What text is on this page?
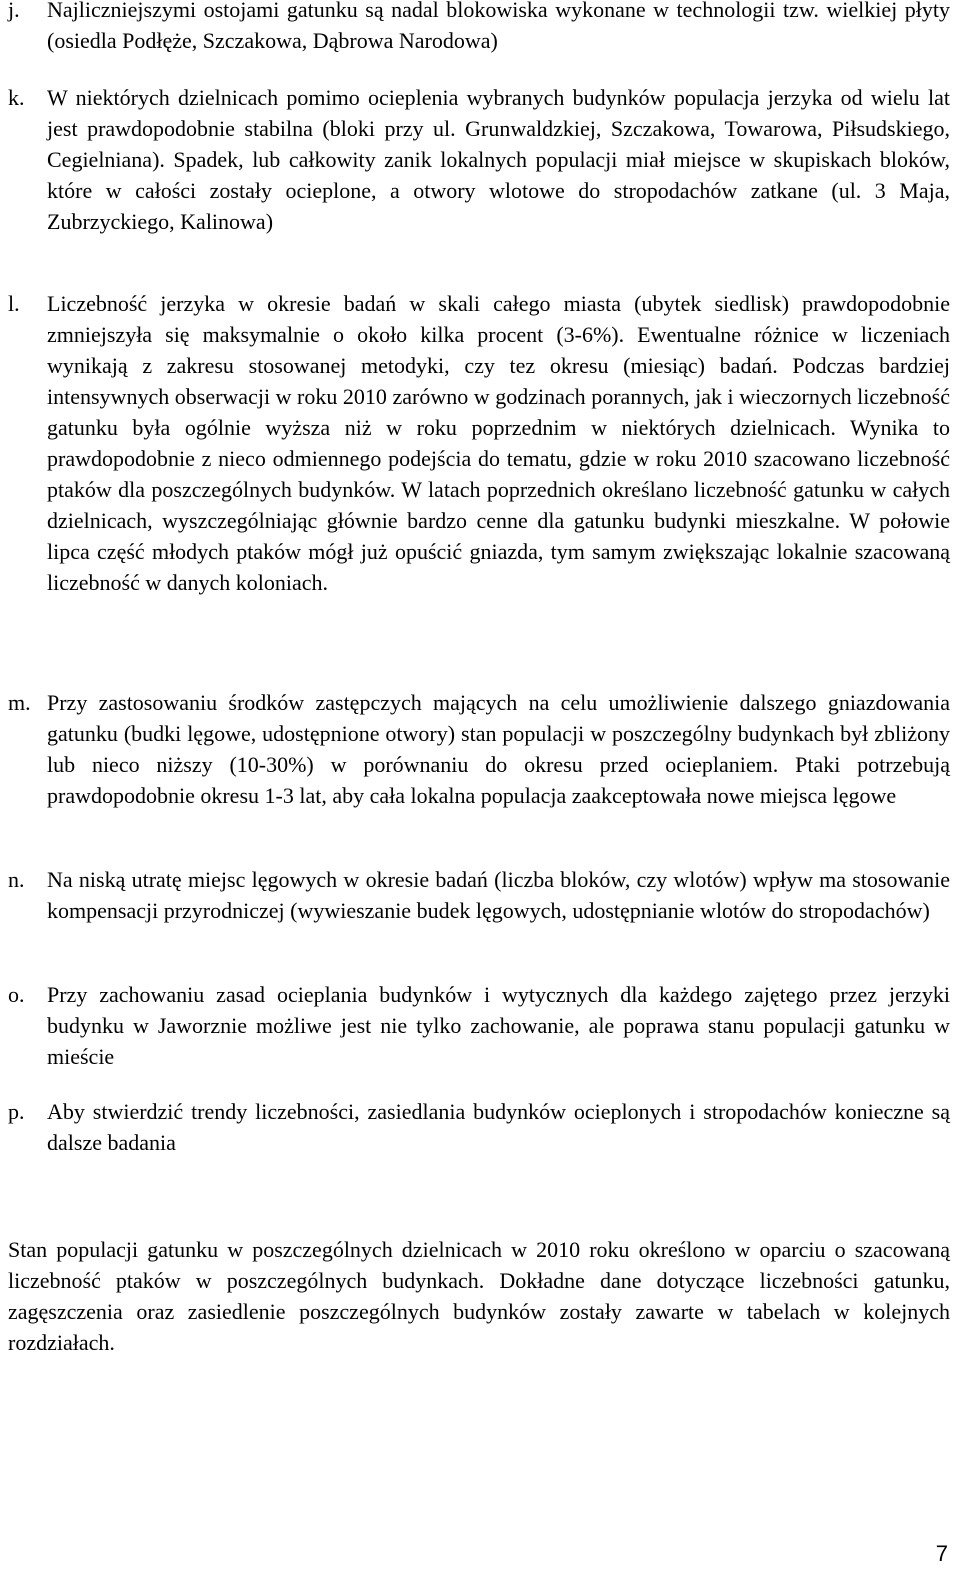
j. Najliczniejszymi ostojami gatunku są nadal blokowiska wykonane w technologii tzw. wielkiej płyty (osiedla Podłęże, Szczakowa, Dąbrowa Narodowa)

k. W niektórych dzielnicach pomimo ocieplenia wybranych budynków populacja jerzyka od wielu lat jest prawdopodobnie stabilna (bloki przy ul. Grunwaldzkiej, Szczakowa, Towarowa, Piłsudskiego, Cegielniana). Spadek, lub całkowity zanik lokalnych populacji miał miejsce w skupiskach bloków, które w całości zostały ocieplone, a otwory wlotowe do stropodachów zatkane (ul. 3 Maja, Zubrzyckiego, Kalinowa)

l. Liczebność jerzyka w okresie badań w skali całego miasta (ubytek siedlisk) prawdopodobnie zmniejszyła się maksymalnie o około kilka procent (3-6%). Ewentualne różnice w liczeniach wynikają z zakresu stosowanej metodyki, czy tez okresu (miesiąc) badań. Podczas bardziej intensywnych obserwacji w roku 2010 zarówno w godzinach porannych, jak i wieczornych liczebność gatunku była ogólnie wyższa niż w roku poprzednim w niektórych dzielnicach. Wynika to prawdopodobnie z nieco odmiennego podejścia do tematu, gdzie w roku 2010 szacowano liczebność ptaków dla poszczególnych budynków. W latach poprzednich określano liczebność gatunku w całych dzielnicach, wyszczególniając głównie bardzo cenne dla gatunku budynki mieszkalne. W połowie lipca część młodych ptaków mógł już opuścić gniazda, tym samym zwiększając lokalnie szacowaną liczebność w danych koloniach.

m. Przy zastosowaniu środków zastępczych mających na celu umożliwienie dalszego gniazdowania gatunku (budki lęgowe, udostępnione otwory) stan populacji w poszczególny budynkach był zbliżony lub nieco niższy (10-30%) w porównaniu do okresu przed ocieplaniem. Ptaki potrzebują prawdopodobnie okresu 1-3 lat, aby cała lokalna populacja zaakceptowała nowe miejsca lęgowe

n. Na niską utratę miejsc lęgowych w okresie badań (liczba bloków, czy wlotów) wpływ ma stosowanie kompensacji przyrodniczej (wywieszanie budek lęgowych, udostępnianie wlotów do stropodachów)

o. Przy zachowaniu zasad ocieplania budynków i wytycznych dla każdego zajętego przez jerzyki budynku w Jaworznie możliwe jest nie tylko zachowanie, ale poprawa stanu populacji gatunku w mieście

p. Aby stwierdzić trendy liczebności, zasiedlania budynków ocieplonych i stropodachów konieczne są dalsze badania

Stan populacji gatunku w poszczególnych dzielnicach w 2010 roku określono w oparciu o szacowaną liczebność ptaków w poszczególnych budynkach. Dokładne dane dotyczące liczebności gatunku, zagęszczenia oraz zasiedlenie poszczególnych budynków zostały zawarte w tabelach w kolejnych rozdziałach.

7
